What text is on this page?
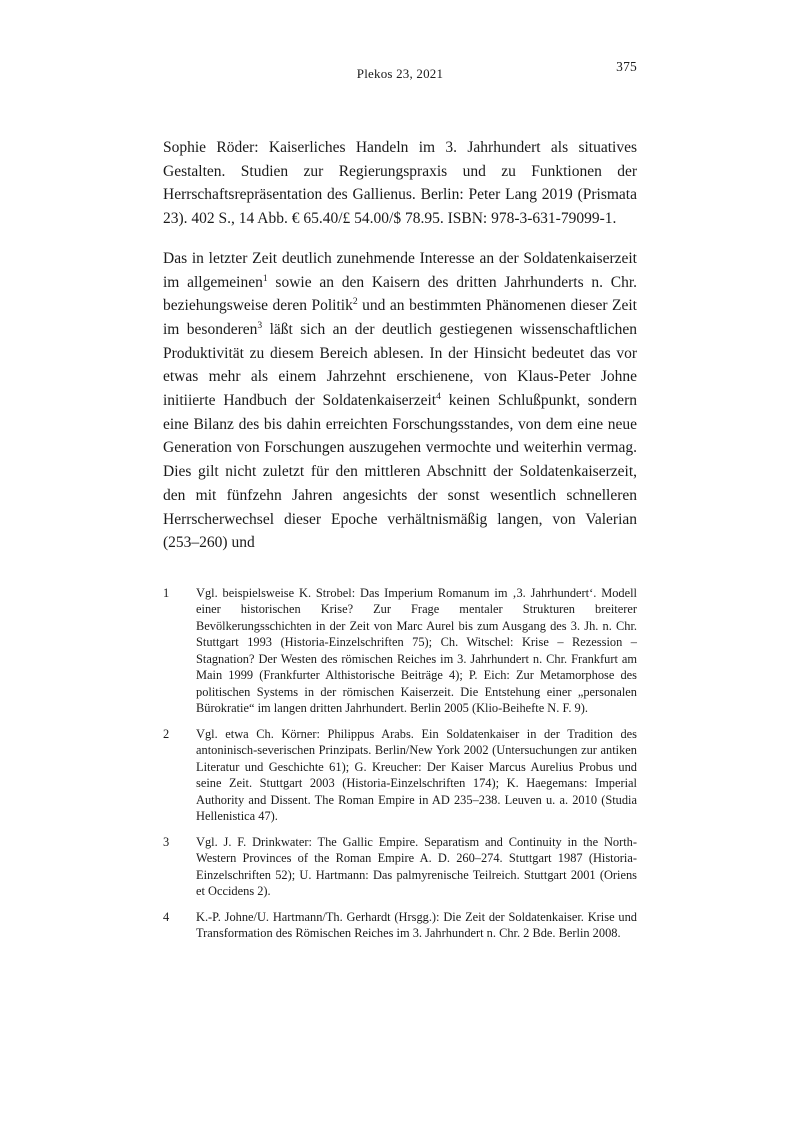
Plekos 23, 2021	375

Sophie Röder: Kaiserliches Handeln im 3. Jahrhundert als situatives Gestalten. Studien zur Regierungspraxis und zu Funktionen der Herrschaftsrepräsentation des Gallienus. Berlin: Peter Lang 2019 (Prismata 23). 402 S., 14 Abb. € 65.40/£ 54.00/$ 78.95. ISBN: 978-3-631-79099-1.

Das in letzter Zeit deutlich zunehmende Interesse an der Soldatenkaiserzeit im allgemeinen$^1$ sowie an den Kaisern des dritten Jahrhunderts n. Chr. beziehungsweise deren Politik$^2$ und an bestimmten Phänomenen dieser Zeit im besonderen$^3$ läßt sich an der deutlich gestiegenen wissenschaftlichen Produktivität zu diesem Bereich ablesen. In der Hinsicht bedeutet das vor etwas mehr als einem Jahrzehnt erschienene, von Klaus-Peter Johne initiierte Handbuch der Soldatenkaiserzeit$^4$ keinen Schlußpunkt, sondern eine Bilanz des bis dahin erreichten Forschungsstandes, von dem eine neue Generation von Forschungen auszugehen vermochte und weiterhin vermag. Dies gilt nicht zuletzt für den mittleren Abschnitt der Soldatenkaiserzeit, den mit fünfzehn Jahren angesichts der sonst wesentlich schnelleren Herrscherwechsel dieser Epoche verhältnismäßig langen, von Valerian (253–260) und

1	Vgl. beispielsweise K. Strobel: Das Imperium Romanum im ‚3. Jahrhundert‘. Modell einer historischen Krise? Zur Frage mentaler Strukturen breiterer Bevölkerungsschichten in der Zeit von Marc Aurel bis zum Ausgang des 3. Jh. n. Chr. Stuttgart 1993 (Historia-Einzelschriften 75); Ch. Witschel: Krise – Rezession – Stagnation? Der Westen des römischen Reiches im 3. Jahrhundert n. Chr. Frankfurt am Main 1999 (Frankfurter Althistorische Beiträge 4); P. Eich: Zur Metamorphose des politischen Systems in der römischen Kaiserzeit. Die Entstehung einer „personalen Bürokratie“ im langen dritten Jahrhundert. Berlin 2005 (Klio-Beihefte N. F. 9).
2	Vgl. etwa Ch. Körner: Philippus Arabs. Ein Soldatenkaiser in der Tradition des antoninisch-severischen Prinzipats. Berlin/New York 2002 (Untersuchungen zur antiken Literatur und Geschichte 61); G. Kreucher: Der Kaiser Marcus Aurelius Probus und seine Zeit. Stuttgart 2003 (Historia-Einzelschriften 174); K. Haegemans: Imperial Authority and Dissent. The Roman Empire in AD 235–238. Leuven u. a. 2010 (Studia Hellenistica 47).
3	Vgl. J. F. Drinkwater: The Gallic Empire. Separatism and Continuity in the North-Western Provinces of the Roman Empire A. D. 260–274. Stuttgart 1987 (Historia-Einzelschriften 52); U. Hartmann: Das palmyrenische Teilreich. Stuttgart 2001 (Oriens et Occidens 2).
4	K.-P. Johne/U. Hartmann/Th. Gerhardt (Hrsgg.): Die Zeit der Soldatenkaiser. Krise und Transformation des Römischen Reiches im 3. Jahrhundert n. Chr. 2 Bde. Berlin 2008.
